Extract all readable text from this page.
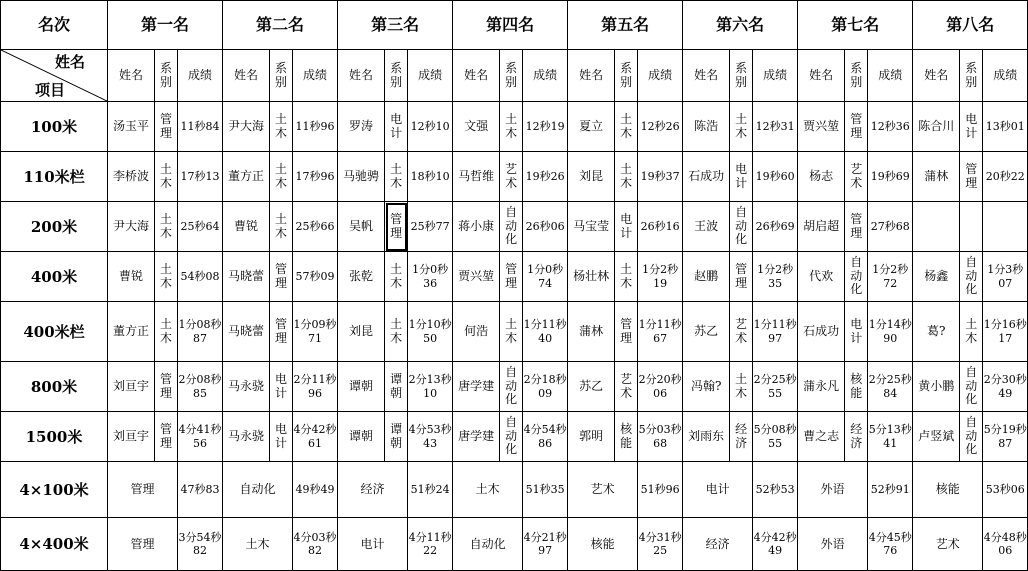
名次	第一名			第二名			第三名			第四名			第五名			第六名			第七名			第八名		

姓名
项目	姓名	系别	成绩	姓名	系别	成绩	姓名	系别	成绩	姓名	系别	成绩	姓名	系别	成绩	姓名	系别	成绩	姓名	系别	成绩	姓名	系别	成绩
100米	汤玉平	管理	11秒84	尹大海	土木	11秒96	罗涛	电计	12秒10	文强	土木	12秒19	夏立	土木	12秒26	陈浩	土木	12秒31	贾兴堃	管理	12秒36	陈合川	电计	13秒01
110米栏	李桥波	土木	17秒13	董方正	土木	17秒96	马驰骋	土木	18秒10	马哲维	艺术	19秒26	刘昆	土木	19秒37	石成功	电计	19秒60	杨志	艺术	19秒69	蒲林	管理	20秒22
200米	尹大海	土木	25秒64	曹锐	土木	25秒66	吴帆	管理	25秒77	蒋小康	自动化	26秒06	马宝莹	电计	26秒16	王波	自动化	26秒69	胡启超	管理	27秒68			
400米	曹锐	土木	54秒08	马晓蕾	管理	57秒09	张乾	土木	1分0秒36	贾兴堃	管理	1分0秒74	杨壮林	土木	1分2秒19	赵鹏	管理	1分2秒35	代欢	自动化	1分2秒72	杨鑫	自动化	1分3秒07
400米栏	董方正	土木	1分08秒87	马晓蕾	管理	1分09秒71	刘昆	土木	1分10秒50	何浩	土木	1分11秒40	蒲林	管理	1分11秒67	苏乙	艺术	1分11秒97	石成功	电计	1分14秒90	葛?	土木	1分16秒17
800米	刘亘宇	管理	2分08秒85	马永骁	电计	2分11秒96	谭朝	谭朝	2分13秒10	唐学建	自动化	2分18秒09	苏乙	艺术	2分20秒06	冯翰?	土木	2分25秒55	蒲永凡	核能	2分25秒84	黄小鹏	自动化	2分30秒49
1500米	刘亘宇	管理	4分41秒56	马永骁	电计	4分42秒61	谭朝	谭朝	4分53秒43	唐学建	自动化	4分54秒86	郭明	核能	5分03秒68	刘雨东	经济	5分08秒55	曹之志	经济	5分13秒41	卢竖斌	自动化	5分19秒87
4×100米	管理		47秒83	自动化		49秒49	经济		51秒24	土木		51秒35	艺术		51秒96	电计		52秒53	外语		52秒91	核能		53秒06
4×400米	管理		3分54秒82	土木		4分03秒82	电计		4分11秒22	自动化		4分21秒97	核能		4分31秒25	经济		4分42秒49	外语		4分45秒76	艺术		4分48秒06
